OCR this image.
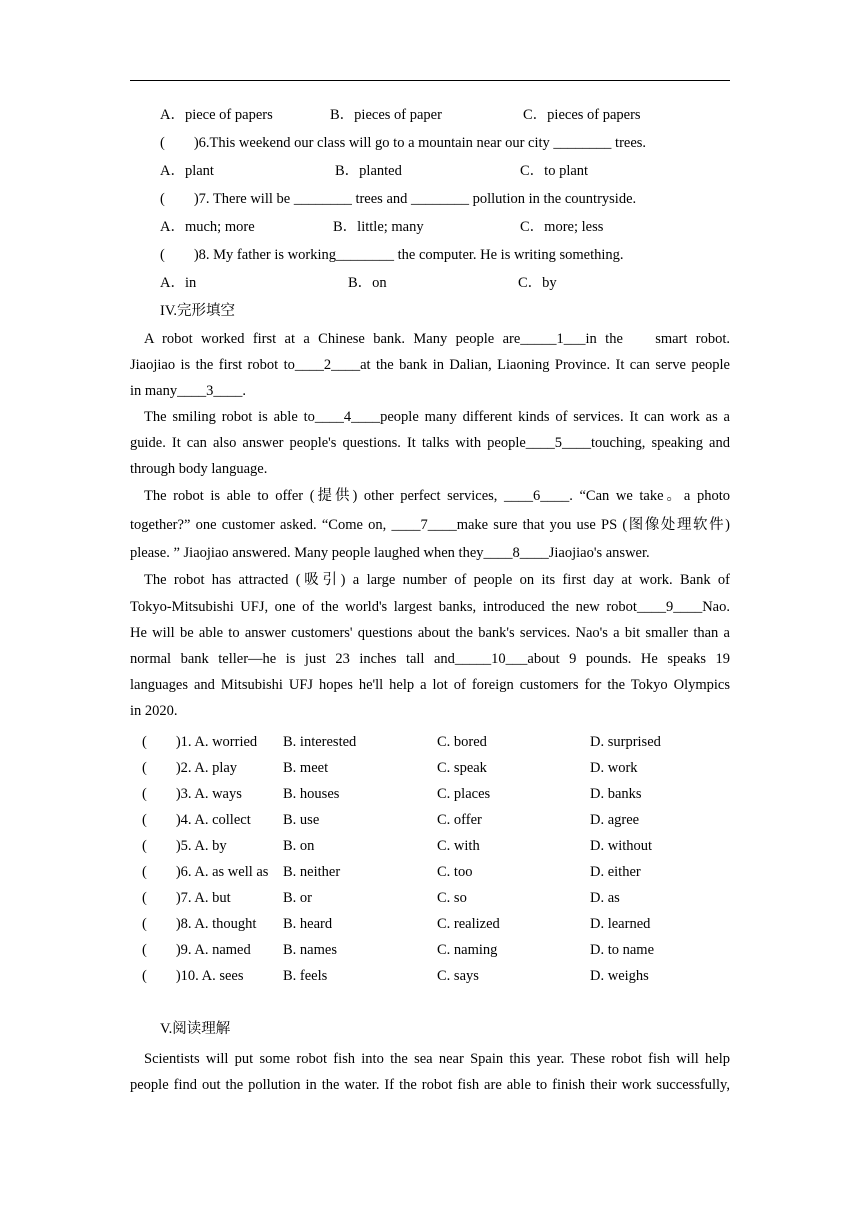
A．piece of papers	B．pieces of paper	C．pieces of papers
(　　)6.This weekend our class will go to a mountain near our city ________ trees.
A．plant	B．planted	C．to plant
(　　)7. There will be ________ trees and ________ pollution in the countryside.
A．much; more	B．little; many	C．more; less
(　　)8. My father is working________ the computer. He is writing something.
A．in	B．on	C．by
IV.完形填空
A robot worked first at a Chinese bank. Many people are_____1___in the　 smart robot.
Jiaojiao is the first robot to____2____at the bank in Dalian, Liaoning Province. It can serve people
in many____3____.
The smiling robot is able to____4____people many different kinds of services. It can work as a
guide. It can also answer people's questions. It talks with people____5____touching, speaking and
through body language.
The robot is able to offer (提供) other perfect services, ____6____. “Can we take。a photo
together?” one customer asked. “Come on, ____7____make sure that you use PS (图像处理软件)
please. ” Jiaojiao answered. Many people laughed when they____8____Jiaojiao's answer.
The robot has attracted (吸引) a large number of people on its first day at work. Bank of
Tokyo-Mitsubishi UFJ, one of the world's largest banks, introduced the new robot____9____Nao.
He will be able to answer customers' questions about the bank's services. Nao's a bit smaller than a
normal bank teller—he is just 23 inches tall and_____10___about 9 pounds. He speaks 19
languages and Mitsubishi UFJ hopes he'll help a lot of foreign customers for the Tokyo Olympics
in 2020.
(　　)1. A. worried B. interested	C. bored	D. surprised
(　　)2. A. play	B. meet	C. speak	D. work
(　　)3. A. ways	B. houses	C. places	D. banks
(　　)4. A. collect B. use	C. offer	D. agree
(　　)5. A. by	B. on	C. with	D. without
(　　)6. A. as well as B. neither	C. too	D. either
(　　)7. A. but	B. or	C. so	D. as
(　　)8. A. thought B. heard	C. realized	D. learned
(　　)9. A. named B. names	C. naming	D. to name
(　　)10. A. sees	B. feels	C. says	D. weighs
V.阅读理解
Scientists will put some robot fish into the sea near Spain this year. These robot fish will help
people find out the pollution in the water. If the robot fish are able to finish their work successfully,
